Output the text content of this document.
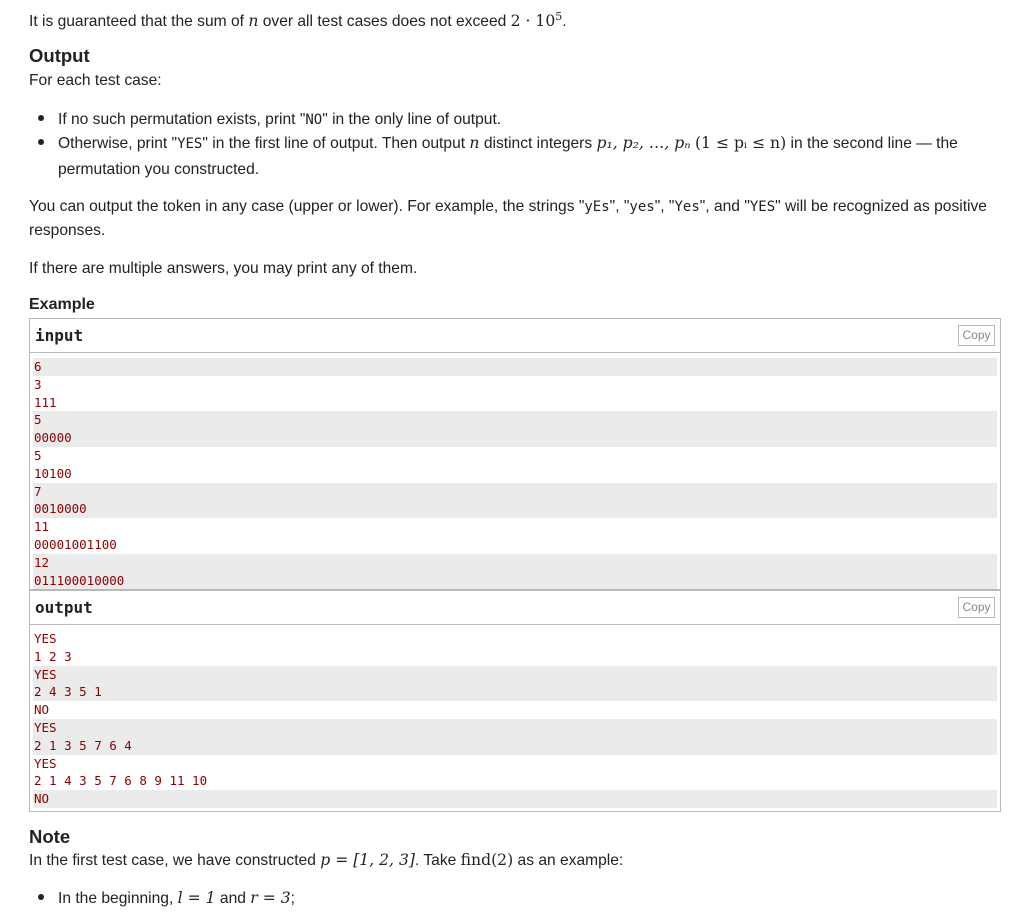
It is guaranteed that the sum of n over all test cases does not exceed $2 \cdot 10^5$.

Output

For each test case:

If no such permutation exists, print "NO" in the only line of output.
Otherwise, print "YES" in the first line of output. Then output n distinct integers p₁, p₂, …, pₙ (1 ≤ pᵢ ≤ n) in the second line — the permutation you constructed.

You can output the token in any case (upper or lower). For example, the strings "yEs", "yes", "Yes", and "YES" will be recognized as positive responses.

If there are multiple answers, you may print any of them.

Example
input	Copy
6
3
111
5
00000
5
10100
7
0010000
11
00001001100
12
011100010000
output	Copy
YES
1 2 3
YES
2 4 3 5 1
NO
YES
2 1 3 5 7 6 4
YES
2 1 4 3 5 7 6 8 9 11 10
NO
Note

In the first test case, we have constructed p = [1, 2, 3]. Take find(2) as an example:

In the beginning, l = 1 and r = 3;
